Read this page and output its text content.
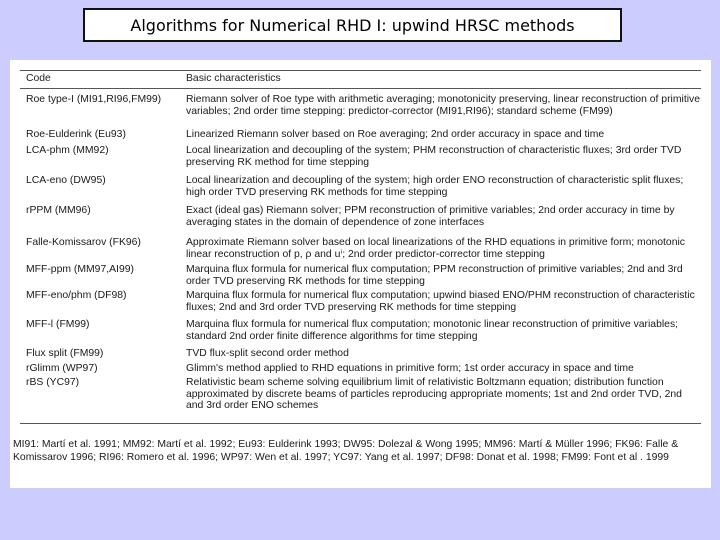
Algorithms for Numerical RHD I: upwind HRSC methods
Code	Basic characteristics
Roe type-I (MI91,RI96,FM99)	Riemann solver of Roe type with arithmetic averaging; monotonicity preserving, linear reconstruction of primitive variables; 2nd order time stepping: predictor-corrector (MI91,RI96); standard scheme (FM99)
Roe-Eulderink (Eu93)	Linearized Riemann solver based on Roe averaging; 2nd order accuracy in space and time
LCA-phm (MM92)	Local linearization and decoupling of the system; PHM reconstruction of characteristic fluxes; 3rd order TVD preserving RK method for time stepping
LCA-eno (DW95)	Local linearization and decoupling of the system; high order ENO reconstruction of characteristic split fluxes; high order TVD preserving RK methods for time stepping
rPPM (MM96)	Exact (ideal gas) Riemann solver; PPM reconstruction of primitive variables; 2nd order accuracy in time by averaging states in the domain of dependence of zone interfaces
Falle-Komissarov (FK96)	Approximate Riemann solver based on local linearizations of the RHD equations in primitive form; monotonic linear reconstruction of p, ρ and uⁱ; 2nd order predictor-corrector time stepping
MFF-ppm (MM97,AI99)	Marquina flux formula for numerical flux computation; PPM reconstruction of primitive variables; 2nd and 3rd order TVD preserving RK methods for time stepping
MFF-eno/phm (DF98)	Marquina flux formula for numerical flux computation; upwind biased ENO/PHM reconstruction of characteristic fluxes; 2nd and 3rd order TVD preserving RK methods for time stepping
MFF-l (FM99)	Marquina flux formula for numerical flux computation; monotonic linear reconstruction of primitive variables; standard 2nd order finite difference algorithms for time stepping
Flux split (FM99)	TVD flux-split second order method
rGlimm (WP97)	Glimm's method applied to RHD equations in primitive form; 1st order accuracy in space and time
rBS (YC97)	Relativistic beam scheme solving equilibrium limit of relativistic Boltzmann equation; distribution function approximated by discrete beams of particles reproducing appropriate moments; 1st and 2nd order TVD, 2nd and 3rd order ENO schemes
MI91: Martí et al. 1991; MM92: Martí et al. 1992; Eu93: Eulderink 1993; DW95: Dolezal & Wong 1995; MM96: Martí & Müller 1996; FK96: Falle & Komissarov 1996; RI96: Romero et al. 1996; WP97: Wen et al. 1997; YC97: Yang et al. 1997; DF98: Donat et al. 1998; FM99: Font et al . 1999
